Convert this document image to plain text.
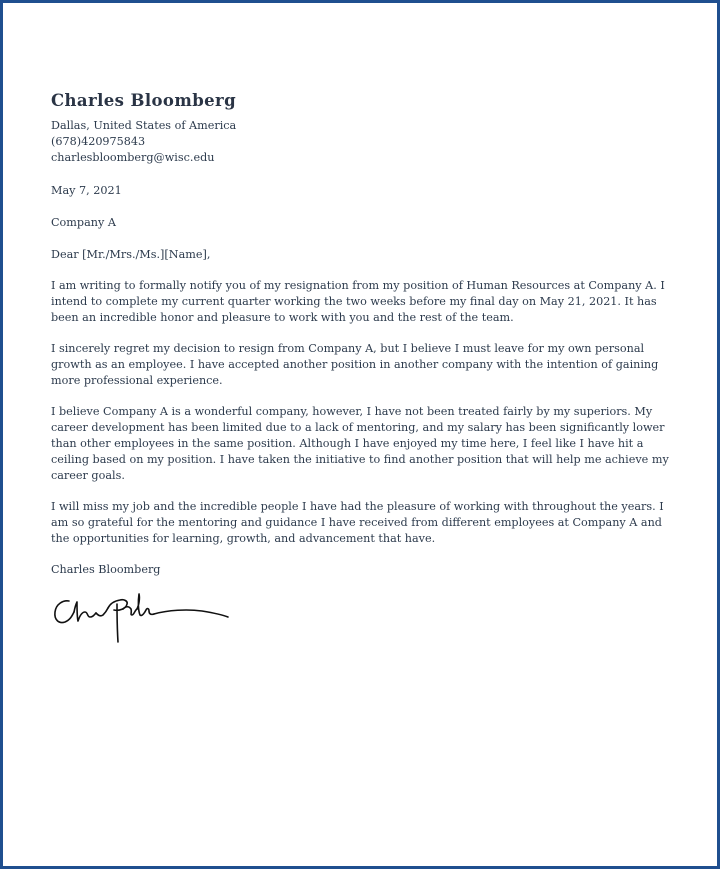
Charles Bloomberg
Dallas, United States of America
(678)420975843
charlesbloomberg@wisc.edu
May 7, 2021
Company A
Dear [Mr./Mrs./Ms.][Name],

I am writing to formally notify you of my resignation from my position of Human Resources at Company A. I intend to complete my current quarter working the two weeks before my final day on May 21, 2021. It has been an incredible honor and pleasure to work with you and the rest of the team.

I sincerely regret my decision to resign from Company A, but I believe I must leave for my own personal growth as an employee. I have accepted another position in another company with the intention of gaining more professional experience.

I believe Company A is a wonderful company, however, I have not been treated fairly by my superiors. My career development has been limited due to a lack of mentoring, and my salary has been significantly lower than other employees in the same position. Although I have enjoyed my time here, I feel like I have hit a ceiling based on my position. I have taken the initiative to find another position that will help me achieve my career goals.

I will miss my job and the incredible people I have had the pleasure of working with throughout the years. I am so grateful for the mentoring and guidance I have received from different employees at Company A and the opportunities for learning, growth, and advancement that have.

Charles Bloomberg
